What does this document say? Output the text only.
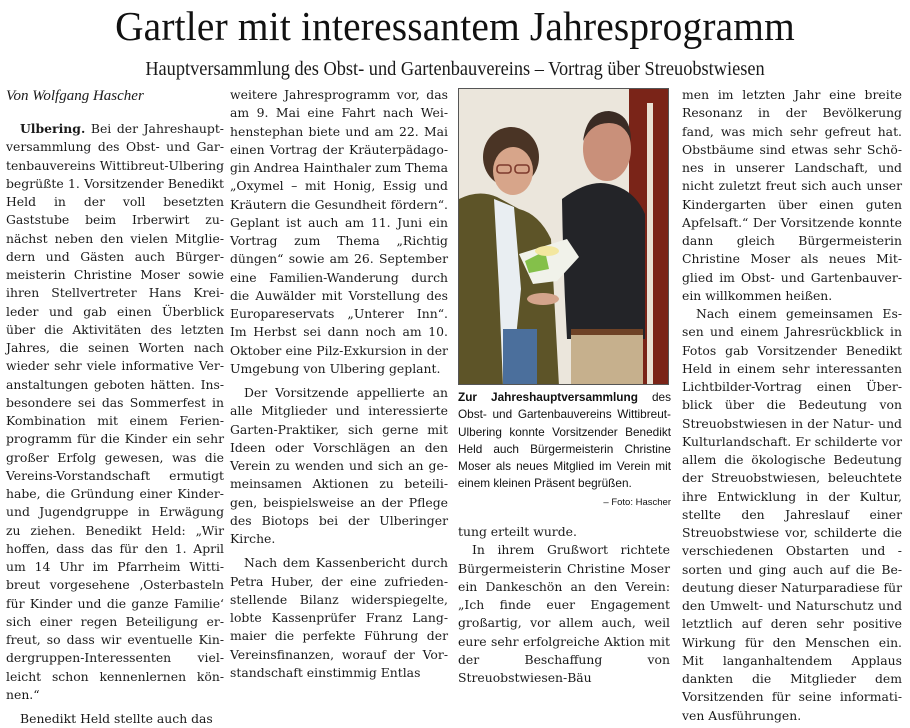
Gartler mit interessantem Jahresprogramm
Hauptversammlung des Obst- und Gartenbauvereins – Vortrag über Streuobstwiesen
Von Wolfgang Hascher

Ulbering. Bei der Jahreshauptversammlung des Obst- und Gartenbauvereins Wittibreut-Ulbering begrüßte 1. Vorsitzender Benedikt Held in der voll besetzten Gaststube beim Irberwirt zunächst neben den vielen Mitgliedern und Gästen auch Bürgermeisterin Christine Moser sowie ihren Stellvertreter Hans Kreileder und gab einen Überblick über die Aktivitäten des letzten Jahres, die seinen Worten nach wieder sehr viele informative Veranstaltungen geboten hätten. Insbesondere sei das Sommerfest in Kombination mit einem Ferienprogramm für die Kinder ein sehr großer Erfolg gewesen, was die Vereins-Vorstandschaft ermutigt habe, die Gründung einer Kinder- und Jugendgruppe in Erwägung zu ziehen. Benedikt Held: „Wir hoffen, dass das für den 1. April um 14 Uhr im Pfarrheim Wittibreut vorgesehene ‚Osterbasteln für Kinder und die ganze Familie‘ sich einer regen Beteiligung erfreut, so dass wir eventuelle Kindergruppen-Interessenten vielleicht schon kennenlernen können.“

Benedikt Held stellte auch das

weitere Jahresprogramm vor, das am 9. Mai eine Fahrt nach Weihenstephan biete und am 22. Mai einen Vortrag der Kräuterpädagogin Andrea Hainthaler zum Thema „Oxymel – mit Honig, Essig und Kräutern die Gesundheit fördern“. Geplant ist auch am 11. Juni ein Vortrag zum Thema „Richtig düngen“ sowie am 26. September eine Familien-Wanderung durch die Auwälder mit Vorstellung des Europareservats „Unterer Inn“. Im Herbst sei dann noch am 10. Oktober eine Pilz-Exkursion in der Umgebung von Ulbering geplant.

Der Vorsitzende appellierte an alle Mitglieder und interessierte Garten-Praktiker, sich gerne mit Ideen oder Vorschlägen an den Verein zu wenden und sich an gemeinsamen Aktionen zu beteiligen, beispielsweise an der Pflege des Biotops bei der Ulberinger Kirche.

Nach dem Kassenbericht durch Petra Huber, der eine zufriedenstellende Bilanz widerspiegelte, lobte Kassenprüfer Franz Langmaier die perfekte Führung der Vereinsfinanzen, worauf der Vorstandschaft einstimmig Entlas

Zur Jahreshauptversammlung des Obst- und Gartenbauvereins Wittibreut-Ulbering konnte Vorsitzender Benedikt Held auch Bürgermeisterin Christine Moser als neues Mitglied im Verein mit einem kleinen Präsent begrüßen.
– Foto: Hascher

tung erteilt wurde.

In ihrem Grußwort richtete Bürgermeisterin Christine Moser ein Dankeschön an den Verein: „Ich finde euer Engagement großartig, vor allem auch, weil eure sehr erfolgreiche Aktion mit der Beschaffung von Streuobstwiesen-Bäu

men im letzten Jahr eine breite Resonanz in der Bevölkerung fand, was mich sehr gefreut hat. Obstbäume sind etwas sehr Schönes in unserer Landschaft, und nicht zuletzt freut sich auch unser Kindergarten über einen guten Apfelsaft.“ Der Vorsitzende konnte dann gleich Bürgermeisterin Christine Moser als neues Mitglied im Obst- und Gartenbauverein willkommen heißen.

Nach einem gemeinsamen Essen und einem Jahresrückblick in Fotos gab Vorsitzender Benedikt Held in einem sehr interessanten Lichtbilder-Vortrag einen Überblick über die Bedeutung von Streuobstwiesen in der Natur- und Kulturlandschaft. Er schilderte vor allem die ökologische Bedeutung der Streuobstwiesen, beleuchtete ihre Entwicklung in der Kultur, stellte den Jahreslauf einer Streuobstwiese vor, schilderte die verschiedenen Obstarten und -sorten und ging auch auf die Bedeutung dieser Naturparadiese für den Umwelt- und Naturschutz und letztlich auf deren sehr positive Wirkung für den Menschen ein. Mit langanhaltendem Applaus dankten die Mitglieder dem Vorsitzenden für seine informativen Ausführungen.
